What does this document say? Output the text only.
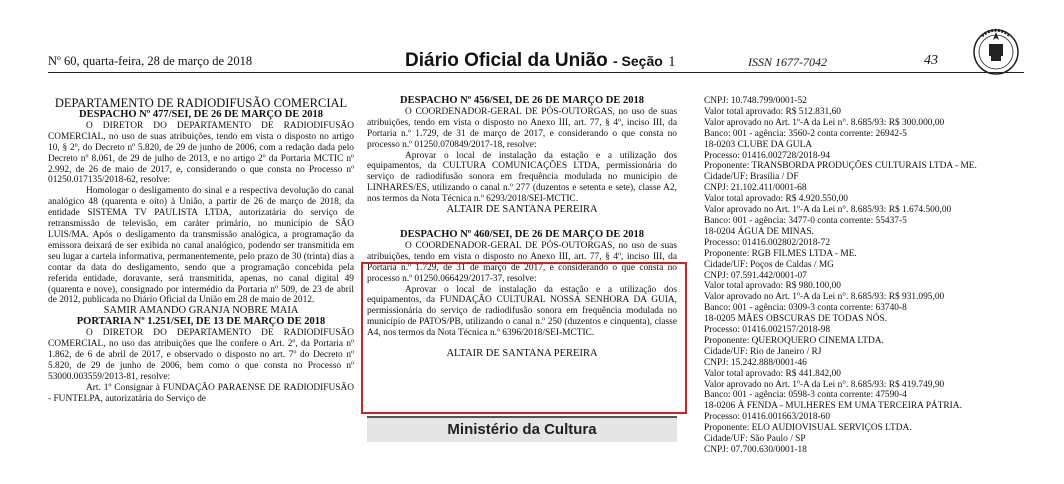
Nº 60, quarta-feira, 28 de março de 2018	Diário Oficial da União - Seção 1	ISSN 1677-7042	43

DEPARTAMENTO DE RADIODIFUSÃO COMERCIAL

DESPACHO Nº 477/SEI, DE 26 DE MARÇO DE 2018

O DIRETOR DO DEPARTAMENTO DE RADIODIFUSÃO COMERCIAL, no uso de suas atribuições, tendo em vista o disposto no artigo 10, § 2º, do Decreto nº 5.820, de 29 de junho de 2006, com a redação dada pelo Decreto nº 8.061, de 29 de julho de 2013, e no artigo 2º da Portaria MCTIC nº 2.992, de 26 de maio de 2017, e, considerando o que consta no Processo nº 01250.017135/2018-62, resolve:

Homologar o desligamento do sinal e a respectiva devolução do canal analógico 48 (quarenta e oito) à União, a partir de 26 de março de 2018, da entidade SISTEMA TV PAULISTA LTDA, autorizatária do serviço de retransmissão de televisão, em caráter primário, no município de SÃO LUIS/MA. Após o desligamento da transmissão analógica, a programação da emissora deixará de ser exibida no canal analógico, podendo ser transmitida em seu lugar a cartela informativa, permanentemente, pelo prazo de 30 (trinta) dias a contar da data do desligamento, sendo que a programação concebida pela referida entidade, doravante, será transmitida, apenas, no canal digital 49 (quarenta e nove), consignado por intermédio da Portaria nº 509, de 23 de abril de 2012, publicada no Diário Oficial da União em 28 de maio de 2012.

SAMIR AMANDO GRANJA NOBRE MAIA

PORTARIA Nº 1.251/SEI, DE 13 DE MARÇO DE 2018

O DIRETOR DO DEPARTAMENTO DE RADIODIFUSÃO COMERCIAL, no uso das atribuições que lhe confere o Art. 2º, da Portaria nº 1.862, de 6 de abril de 2017, e observado o disposto no art. 7º do Decreto nº 5.820, de 29 de junho de 2006, bem como o que consta no Processo nº 53000.003559/2013-81, resolve:

Art. 1º Consignar à FUNDAÇÃO PARAENSE DE RADIODIFUSÃO - FUNTELPA, autorizatária do Serviço de

DESPACHO Nº 456/SEI, DE 26 DE MARÇO DE 2018

O COORDENADOR-GERAL DE PÓS-OUTORGAS, no uso de suas atribuições, tendo em vista o disposto no Anexo III, art. 77, § 4º, inciso III, da Portaria n.º 1.729, de 31 de março de 2017, e considerando o que consta no processo n.º 01250.070849/2017-18, resolve:

Aprovar o local de instalação da estação e a utilização dos equipamentos, da CULTURA COMUNICAÇÕES LTDA, permissionária do serviço de radiodifusão sonora em frequência modulada no município de LINHARES/ES, utilizando o canal n.º 277 (duzentos e setenta e sete), classe A2, nos termos da Nota Técnica n.º 6293/2018/SEI-MCTIC.

ALTAIR DE SANTANA PEREIRA

DESPACHO Nº 460/SEI, DE 26 DE MARÇO DE 2018

O COORDENADOR-GERAL DE PÓS-OUTORGAS, no uso de suas atribuições, tendo em vista o disposto no Anexo III, art. 77, § 4º, inciso III, da Portaria n.º 1.729, de 31 de março de 2017, e considerando o que consta no processo n.º 01250.066429/2017-37, resolve:

Aprovar o local de instalação da estação e a utilização dos equipamentos, da FUNDAÇÃO CULTURAL NOSSA SENHORA DA GUIA, permissionária do serviço de radiodifusão sonora em frequência modulada no município de PATOS/PB, utilizando o canal n.º 250 (duzentos e cinquenta), classe A4, nos termos da Nota Técnica n.º 6396/2018/SEI-MCTIC.

ALTAIR DE SANTANA PEREIRA

Ministério da Cultura

CNPJ: 10.748.799/0001-52

Valor total aprovado: R$ 512.831,60

Valor aprovado no Art. 1º-A da Lei n°. 8.685/93: R$ 300.000,00

Banco: 001 - agência: 3560-2 conta corrente: 26942-5

18-0203 CLUBE DA GULA

Processo: 01416.002728/2018-94

Proponente: TRANSBORDA PRODUÇÕES CULTURAIS LTDA - ME.

Cidade/UF: Brasília / DF

CNPJ: 21.102.411/0001-68

Valor total aprovado: R$ 4.920.550,00

Valor aprovado no Art. 1º-A da Lei n°. 8.685/93: R$ 1.674.500,00

Banco: 001 - agência: 3477-0 conta corrente: 55437-5

18-0204 ÁGUA DE MINAS.

Processo: 01416.002802/2018-72

Proponente: RGB FILMES LTDA - ME.

Cidade/UF: Poços de Caldas / MG

CNPJ: 07.591.442/0001-07

Valor total aprovado: R$ 980.100,00

Valor aprovado no Art. 1º-A da Lei n°. 8.685/93: R$ 931.095,00

Banco: 001 - agência: 0309-3 conta corrente: 63740-8

18-0205 MÃES OBSCURAS DE TODAS NÓS.

Processo: 01416.002157/2018-98

Proponente: QUEROQUERO CINEMA LTDA.

Cidade/UF: Rio de Janeiro / RJ

CNPJ: 15.242.888/0001-46

Valor total aprovado: R$ 441.842,00

Valor aprovado no Art. 1º-A da Lei n°. 8.685/93: R$ 419.749,90

Banco: 001 - agência: 0598-3 conta corrente: 47590-4

18-0206 À FENDA - MULHERES EM UMA TERCEIRA PÁTRIA.

Processo: 01416.001663/2018-60

Proponente: ELO AUDIOVISUAL SERVIÇOS LTDA.

Cidade/UF: São Paulo / SP

CNPJ: 07.700.630/0001-18
